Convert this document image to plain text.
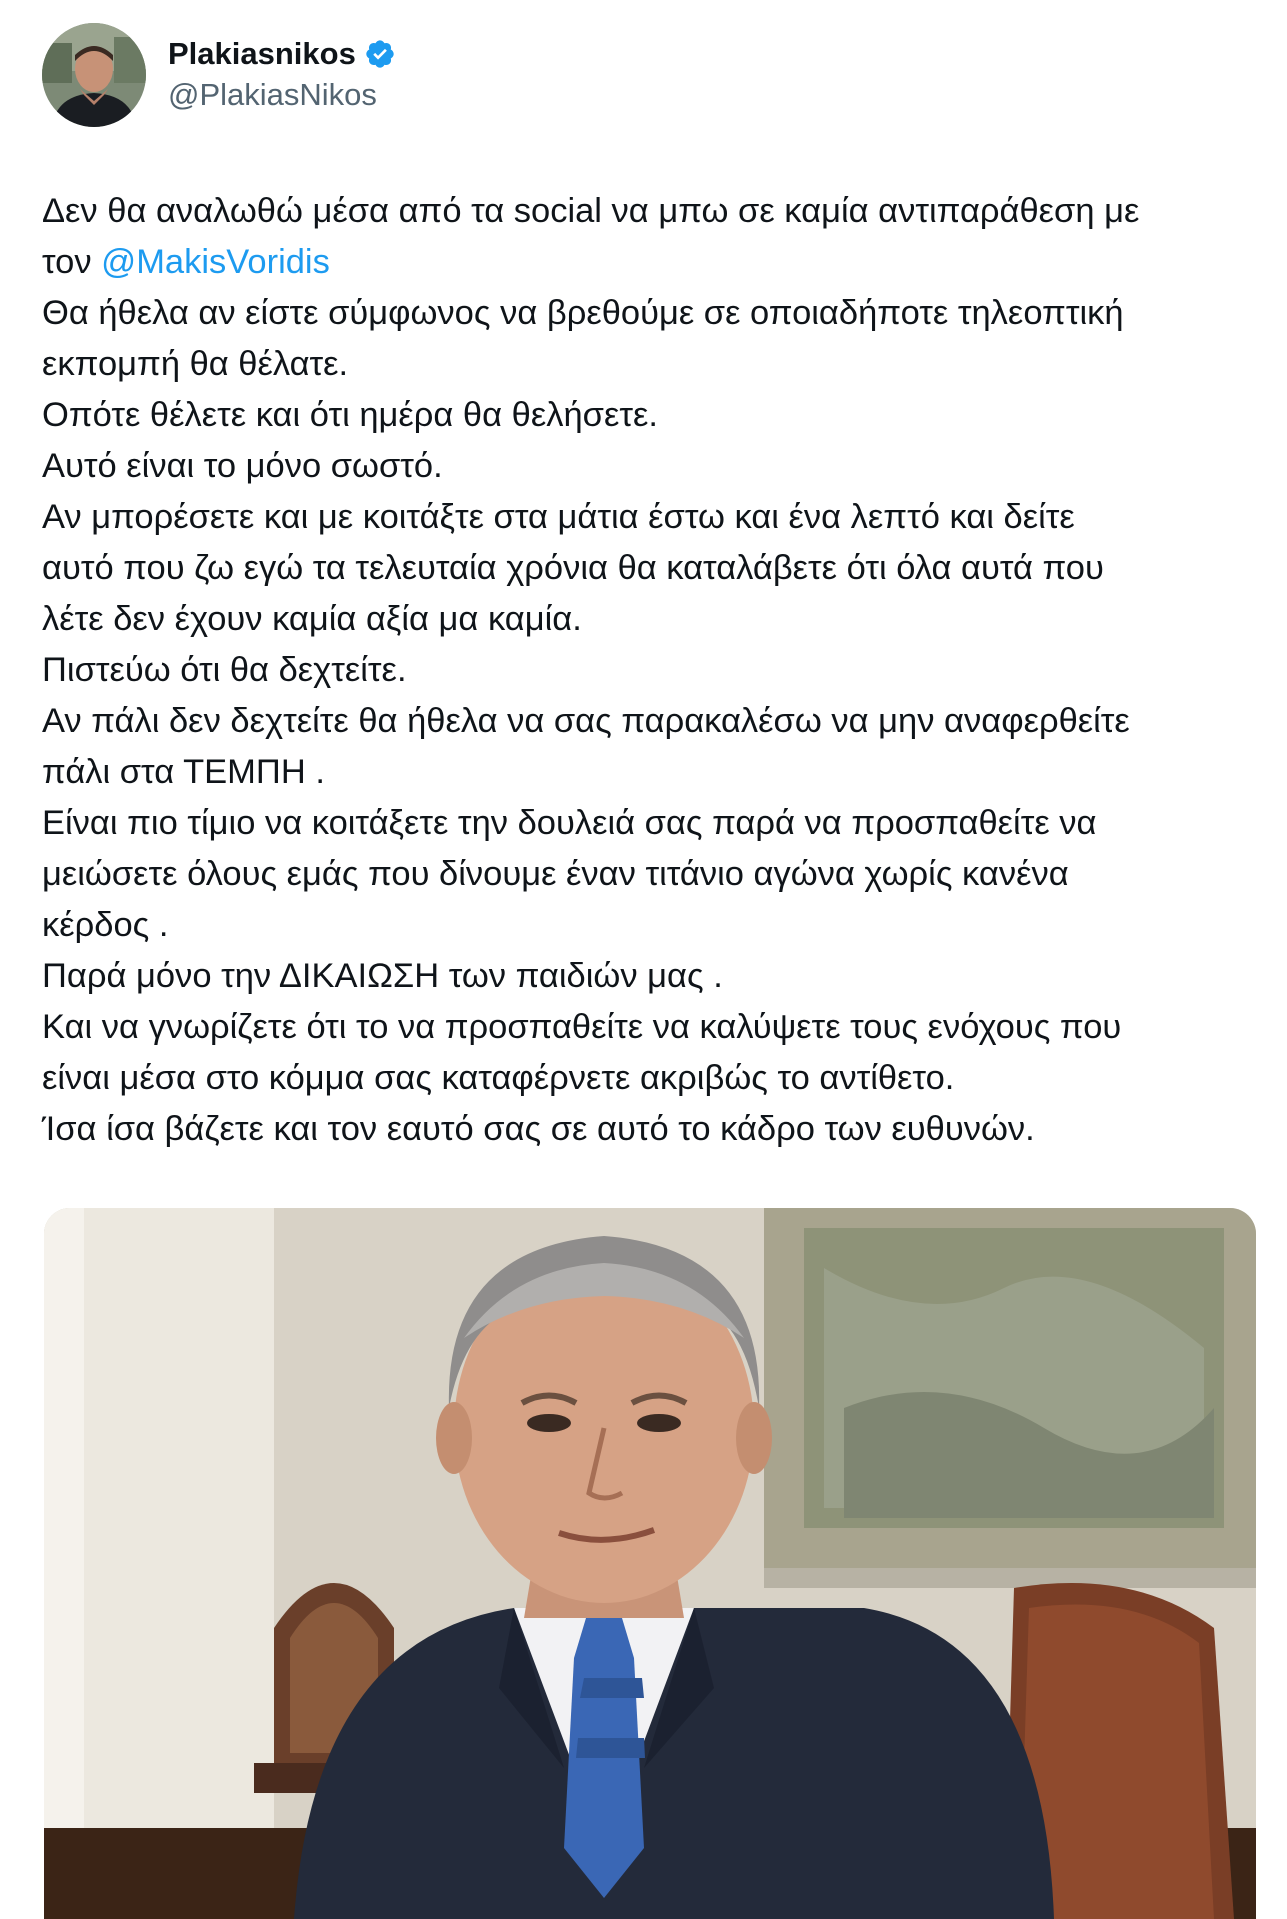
Plakiasnikos
@PlakiasNikos
Δεν θα αναλωθώ μέσα από τα social να μπω σε καμία αντιπαράθεση με
τον @MakisVoridis
Θα ήθελα αν είστε σύμφωνος να βρεθούμε σε οποιαδήποτε τηλεοπτική
εκπομπή θα θέλατε.
Οπότε θέλετε και ότι ημέρα θα θελήσετε.
Αυτό είναι το μόνο σωστό.
Αν μπορέσετε και με κοιτάξτε στα μάτια έστω και ένα λεπτό και δείτε
αυτό που ζω εγώ τα τελευταία χρόνια θα καταλάβετε ότι όλα αυτά που
λέτε δεν έχουν καμία αξία μα καμία.
Πιστεύω ότι θα δεχτείτε.
Αν πάλι δεν δεχτείτε θα ήθελα να σας παρακαλέσω να μην αναφερθείτε
πάλι στα ΤΕΜΠΗ .
Είναι πιο τίμιο να κοιτάξετε την δουλειά σας παρά να προσπαθείτε να
μειώσετε όλους εμάς που δίνουμε έναν τιτάνιο αγώνα χωρίς κανένα
κέρδος .
Παρά μόνο την ΔΙΚΑΙΩΣΗ των παιδιών μας .
Και να γνωρίζετε ότι το να προσπαθείτε να καλύψετε τους ενόχους που
είναι μέσα στο κόμμα σας καταφέρνετε ακριβώς το αντίθετο.
Ίσα ίσα βάζετε και τον εαυτό σας σε αυτό το κάδρο των ευθυνών.
